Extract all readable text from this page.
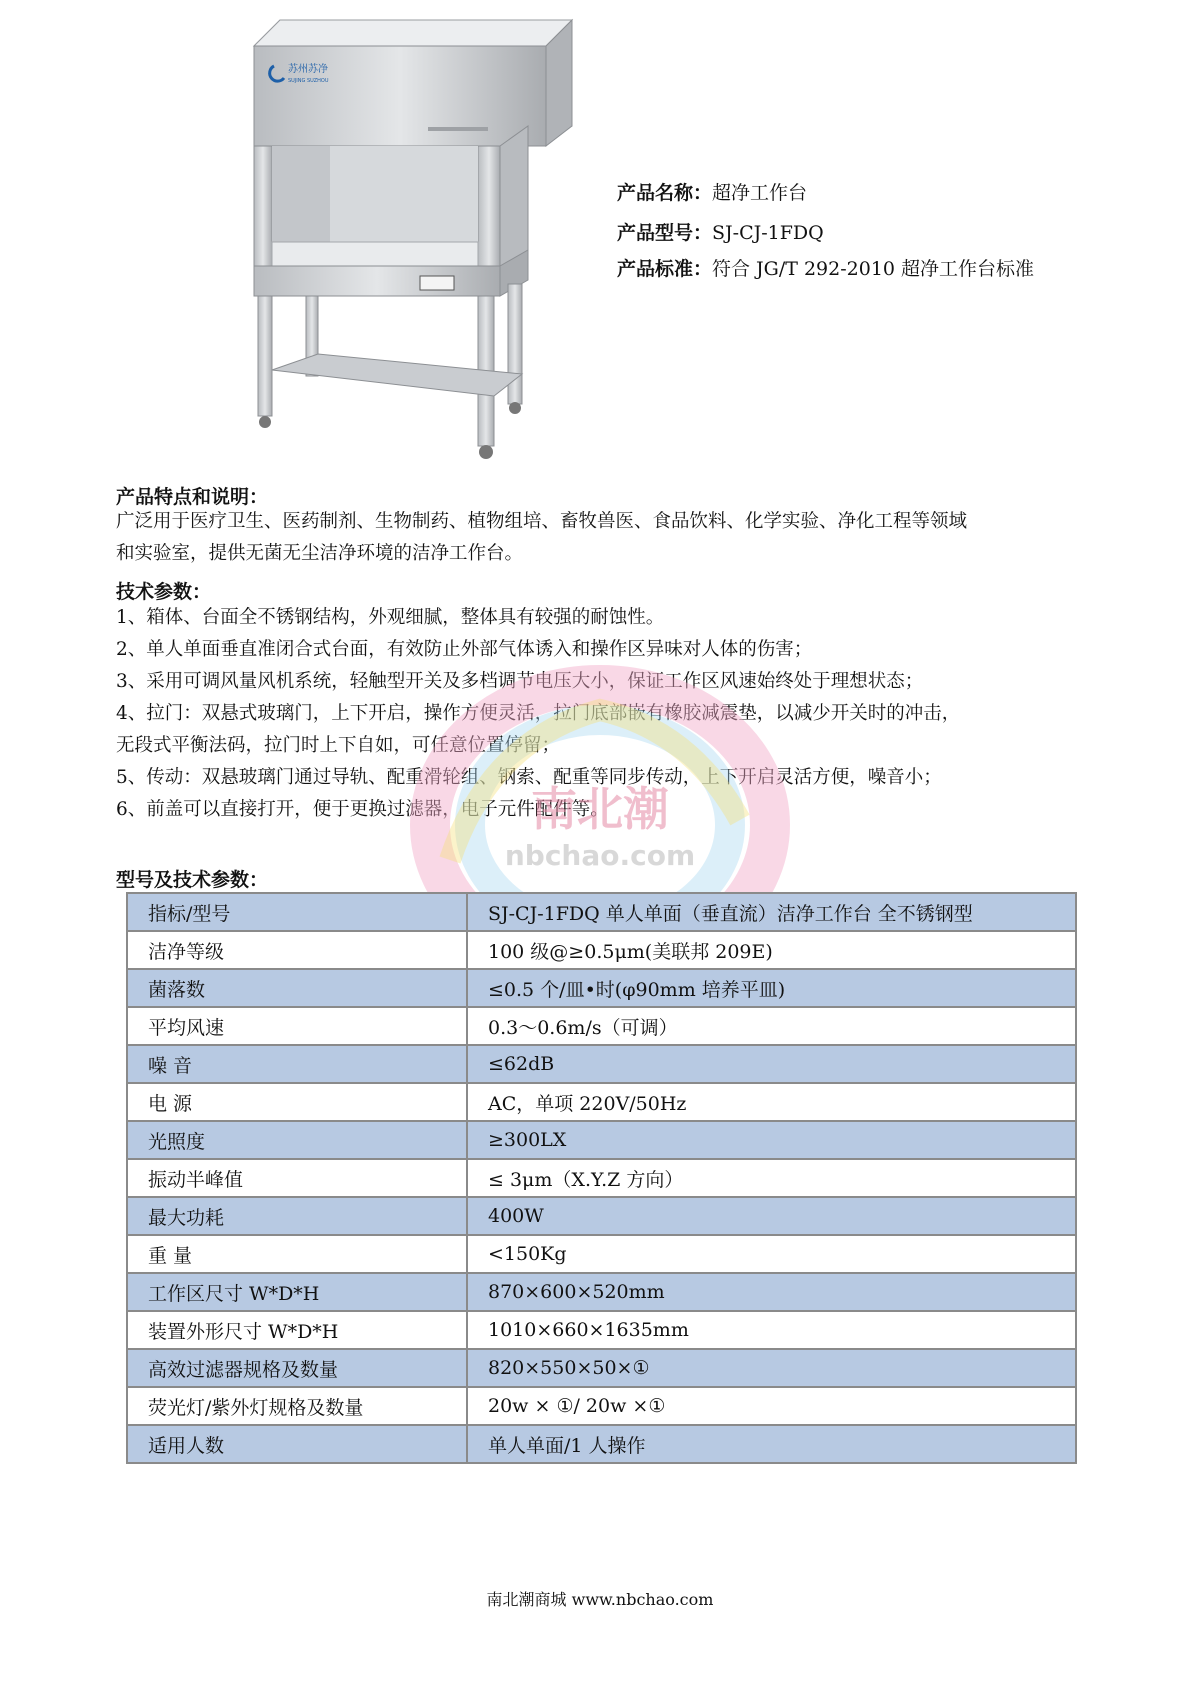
苏州苏净
SUJING SUZHOU
产品名称：超净工作台
产品型号：SJ-CJ-1FDQ
产品标准：符合 JG/T 292-2010 超净工作台标准
产品特点和说明：

广泛用于医疗卫生、医药制剂、生物制药、植物组培、畜牧兽医、食品饮料、化学实验、净化工程等领域

和实验室，提供无菌无尘洁净环境的洁净工作台。

技术参数：

1、箱体、台面全不锈钢结构，外观细腻，整体具有较强的耐蚀性。

2、单人单面垂直准闭合式台面，有效防止外部气体诱入和操作区异味对人体的伤害；

3、采用可调风量风机系统，轻触型开关及多档调节电压大小，保证工作区风速始终处于理想状态；

4、拉门：双悬式玻璃门，上下开启，操作方便灵活，拉门底部嵌有橡胶减震垫，以减少开关时的冲击，

无段式平衡法码，拉门时上下自如，可任意位置停留；

5、传动：双悬玻璃门通过导轨、配重滑轮组、钢索、配重等同步传动，上下开启灵活方便，噪音小；

6、前盖可以直接打开，便于更换过滤器，电子元件配件等。

南北潮
nbchao.com
型号及技术参数：
指标/型号	SJ-CJ-1FDQ 单人单面（垂直流）洁净工作台 全不锈钢型
洁净等级	100 级@≥0.5μm(美联邦 209E)
菌落数	≤0.5 个/皿•时(φ90mm 培养平皿)
平均风速	0.3～0.6m/s（可调）
噪 音	≤62dB
电 源	AC，单项 220V/50Hz
光照度	≥300LX
振动半峰值	≤ 3μm（X.Y.Z 方向）
最大功耗	400W
重 量	<150Kg
工作区尺寸 W*D*H	870×600×520mm
装置外形尺寸 W*D*H	1010×660×1635mm
高效过滤器规格及数量	820×550×50×①
荧光灯/紫外灯规格及数量	20w × ①/ 20w ×①
适用人数	单人单面/1 人操作
南北潮商城 www.nbchao.com
